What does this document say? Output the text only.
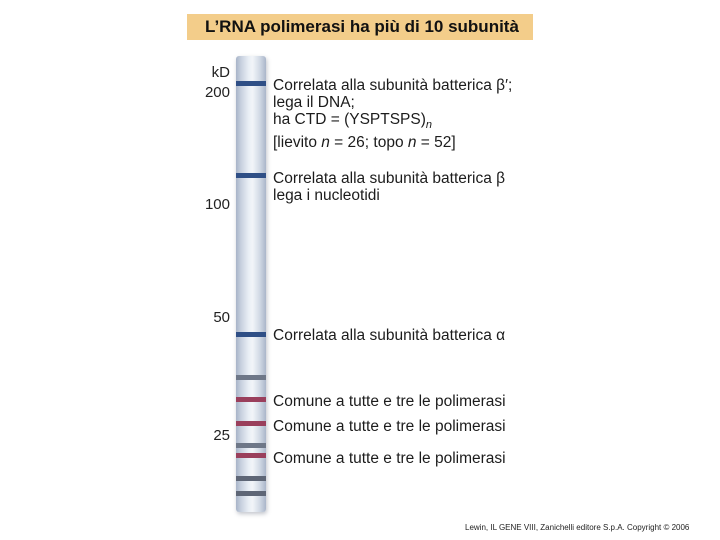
L’RNA polimerasi ha più di 10 subunità
kD
200
100
50
25
Correlata alla subunità batterica β′;
lega il DNA;
ha CTD = $(YSPTSPS)_n$
[lievito n = 26; topo n = 52]
Correlata alla subunità batterica β
lega i nucleotidi
Correlata alla subunità batterica α
Comune a tutte e tre le polimerasi
Comune a tutte e tre le polimerasi
Comune a tutte e tre le polimerasi
Lewin, IL GENE VIII, Zanichelli editore S.p.A. Copyright © 2006
